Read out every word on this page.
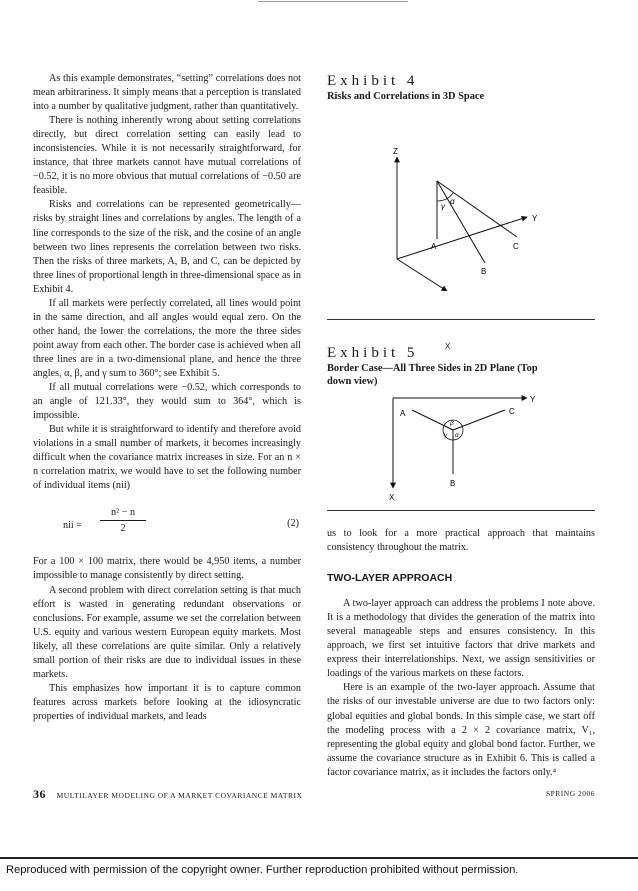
As this example demonstrates, “setting” correlations does not mean arbitrariness. It simply means that a perception is translated into a number by qualitative judgment, rather than quantitatively.

There is nothing inherently wrong about setting correlations directly, but direct correlation setting can easily lead to inconsistencies. While it is not necessarily straightforward, for instance, that three markets cannot have mutual correlations of −0.52, it is no more obvious that mutual correlations of −0.50 are feasible.

Risks and correlations can be represented geometrically—risks by straight lines and correlations by angles. The length of a line corresponds to the size of the risk, and the cosine of an angle between two lines represents the correlation between two risks. Then the risks of three markets, A, B, and C, can be depicted by three lines of proportional length in three-dimensional space as in Exhibit 4.

If all markets were perfectly correlated, all lines would point in the same direction, and all angles would equal zero. On the other hand, the lower the correlations, the more the three sides point away from each other. The border case is achieved when all three lines are in a two-dimensional plane, and hence the three angles, α, β, and γ sum to 360°; see Exhibit 5.

If all mutual correlations were −0.52, which corresponds to an angle of 121.33°, they would sum to 364°, which is impossible.

But while it is straightforward to identify and therefore avoid violations in a small number of markets, it becomes increasingly difficult when the covariance matrix increases in size. For an n × n correlation matrix, we would have to set the following number of individual items (nii)

nii = $\frac{\text{n² − n}}{2}$	(2)

For a 100 × 100 matrix, there would be 4,950 items, a number impossible to manage consistently by direct setting.

A second problem with direct correlation setting is that much effort is wasted in generating redundant observations or conclusions. For example, assume we set the correlation between U.S. equity and various western European equity markets. Most likely, all these correlations are quite similar. Only a relatively small portion of their risks are due to individual issues in these markets.

This emphasizes how important it is to capture common features across markets before looking at the idiosyncratic properties of individual markets, and leads

Exhibit 4

Risks and Correlations in 3D Space

Z
Y
A
B
C
γ
α
X
Exhibit 5

Border Case—All Three Sides in 2D Plane (Top down view)

Y
X
A	C
B
β
γ α

us to look for a more practical approach that maintains consistency throughout the matrix.

TWO-LAYER APPROACH

A two-layer approach can address the problems I note above. It is a methodology that divides the generation of the matrix into several manageable steps and ensures consistency. In this approach, we first set intuitive factors that drive markets and express their interrelationships. Next, we assign sensitivities or loadings of the various markets on these factors.

Here is an example of the two-layer approach. Assume that the risks of our investable universe are due to two factors only: global equities and global bonds. In this simple case, we start off the modeling process with a 2 × 2 covariance matrix, V₁, representing the global equity and global bond factor. Further, we assume the covariance structure as in Exhibit 6. This is called a factor covariance matrix, as it includes the factors only.⁴

36 MULTILAYER MODELING OF A MARKET COVARIANCE MATRIX	SPRING 2006
Reproduced with permission of the copyright owner. Further reproduction prohibited without permission.
